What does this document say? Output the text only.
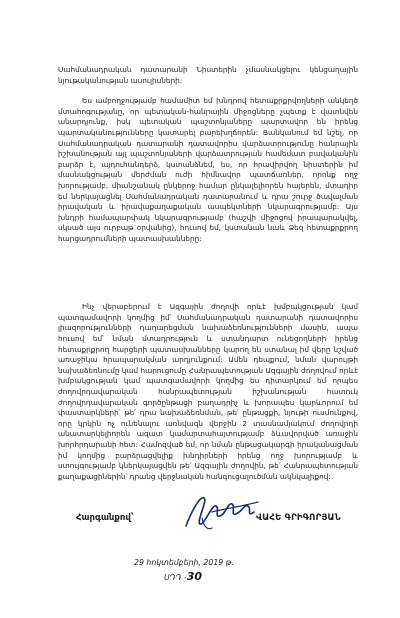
Սահմանադրական դատարանի Նիստերին չմասնակցելու կենցաղային նյութականության ասուլիսների:

Ես ամբողջությամբ համամիտ եմ խնդրով հետաքրքրվողների անկեղծ մտահոգությանը, որ պետական-հանրային միջոցները չպետք է վատնվեն անարդյունք, իսկ պետական պաշտոնյաները պարտավոր են իրենց պարտականությունները կատարել բարեխղճորեն: Ցանկանում եմ նշել, որ Սահմանադրական դատարանի դատավորիս վարձատրությունը հանրային իշխանության այլ պաշտոնյաների վարձատրության համեմատ բավականին բարձր է, այդուհանդերձ, կստանձնեմ, ես, որ հրավիրվող նիստերին իմ մասնակցության մերժման ուժի հիմնավոր պատճառներ, որոնք ողջ խորությամբ, միանշանակ ընկերոջ համար ընկալելիորեն հայերեն, մտադիր եմ ներկայացնել Սահմանադրական դատարանում և դրա շուրջ ծավալման իրավական և իրավաքաղաքական ասպեկտների նկարագրությամբ: Այս խնդրի համապարփակ նկարագրությամբ (հաշվի միջոցով իրապարակվել, սկսած այս ուրբաթ օրվանից), հուսով եմ, կստանան նաև Ձեզ հետաքրքրող հարցադրումների պատասխանները:

Ինչ վերաբերում է Ազգային ժողովի որևէ խմբակցության կամ պատգամավորի կողմից իմ՝ Սահմանադրական դատարանի դատավորիս լիազորությունների դադարեցման նախաձեռնությունների մասին, ապա հուսով եմ՝ նման մտադրություն և ստանդարտ ունեցողների իրենց հետաքրքրող հարցերի պատասխանները կարող են ստանալ իմ վերը նշված առաջիկա հրապարակման արդյունքում: Ամեն դեպքում, նման վարույթի նախաձեռնումը կամ հարուցումը Հանրապետության Ազգային ժողովում որևէ խմբակցության կամ պատգամավորի կողմից ես դիտարկում եմ որպես ժողովրդավարական հանրապետության իշխանության հատուկ ժողովրդավարական գործընթացի բաղադրիչ և խորապես կարևորում եմ փաստարկների՝ թե՛ դրա նախաձեռնման, թե՛ ընթացքի, նյութի ուսմունքով, որը կրկին ոչ ունենալու առնվազն վերջին 2 տասնամյակում ժողովրդի անատարկելիորեն ազատ կամարտահայտությամբ ձևավորված առաջին խորհրդարանի հետ: Համոզված եմ, որ նման ընթացակարգի իրականացման իմ կողմից բարձրացվելիք խնդիրների իրենց ողջ խորությամբ և ստույգությամբ կներկայացվեն թե՛ Ազգային ժողովին, թե՛ Հանրապետության քաղաքացիներին՝ դրանց վերջնական հանգուցալուծման ակնկալիքով:

Հարգանքով՝	ՎԱՀԵ ԳՐԻԳՈՐՅԱՆ
29 հոկտեմբերի, 2019 թ.
ՍԴԴ -30
